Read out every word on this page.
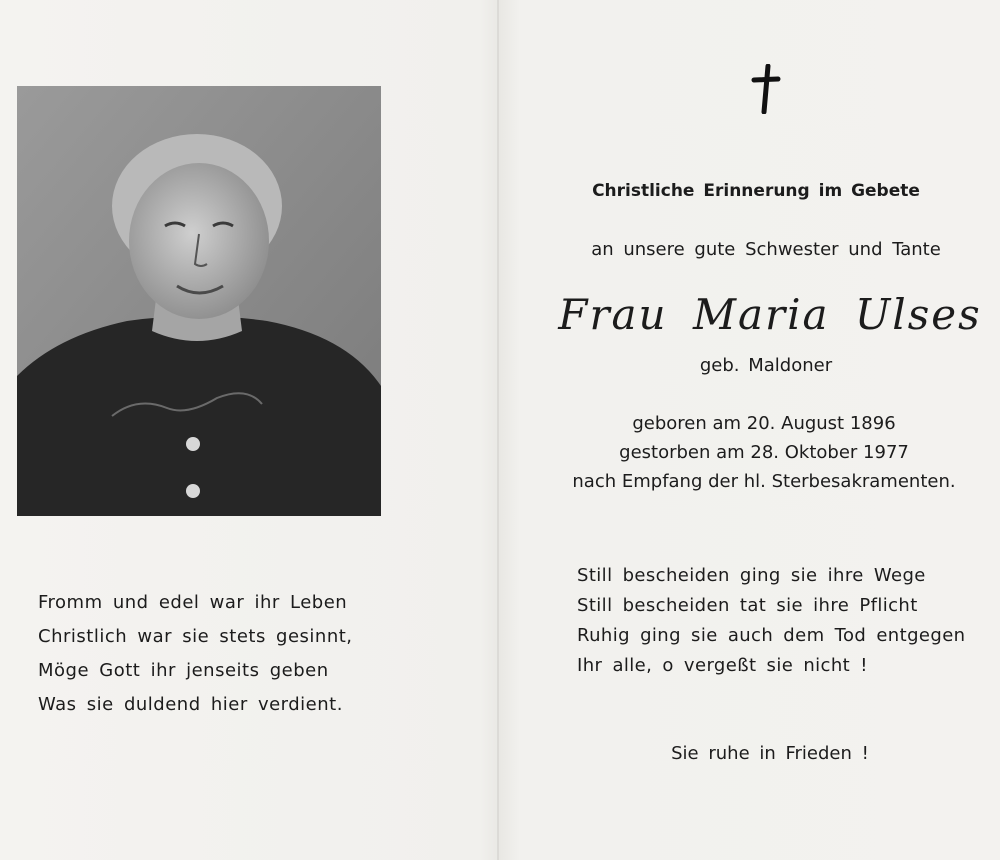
Fromm und edel war ihr Leben
Christlich war sie stets gesinnt,
Möge Gott ihr jenseits geben
Was sie duldend hier verdient.
Christliche Erinnerung im Gebete
an unsere gute Schwester und Tante
Frau Maria Ulses
geb. Maldoner
geboren am 20. August 1896
gestorben am 28. Oktober 1977
nach Empfang der hl. Sterbesakramenten.
Still bescheiden ging sie ihre Wege
Still bescheiden tat sie ihre Pflicht
Ruhig ging sie auch dem Tod entgegen
Ihr alle, o vergeßt sie nicht !
Sie ruhe in Frieden !
